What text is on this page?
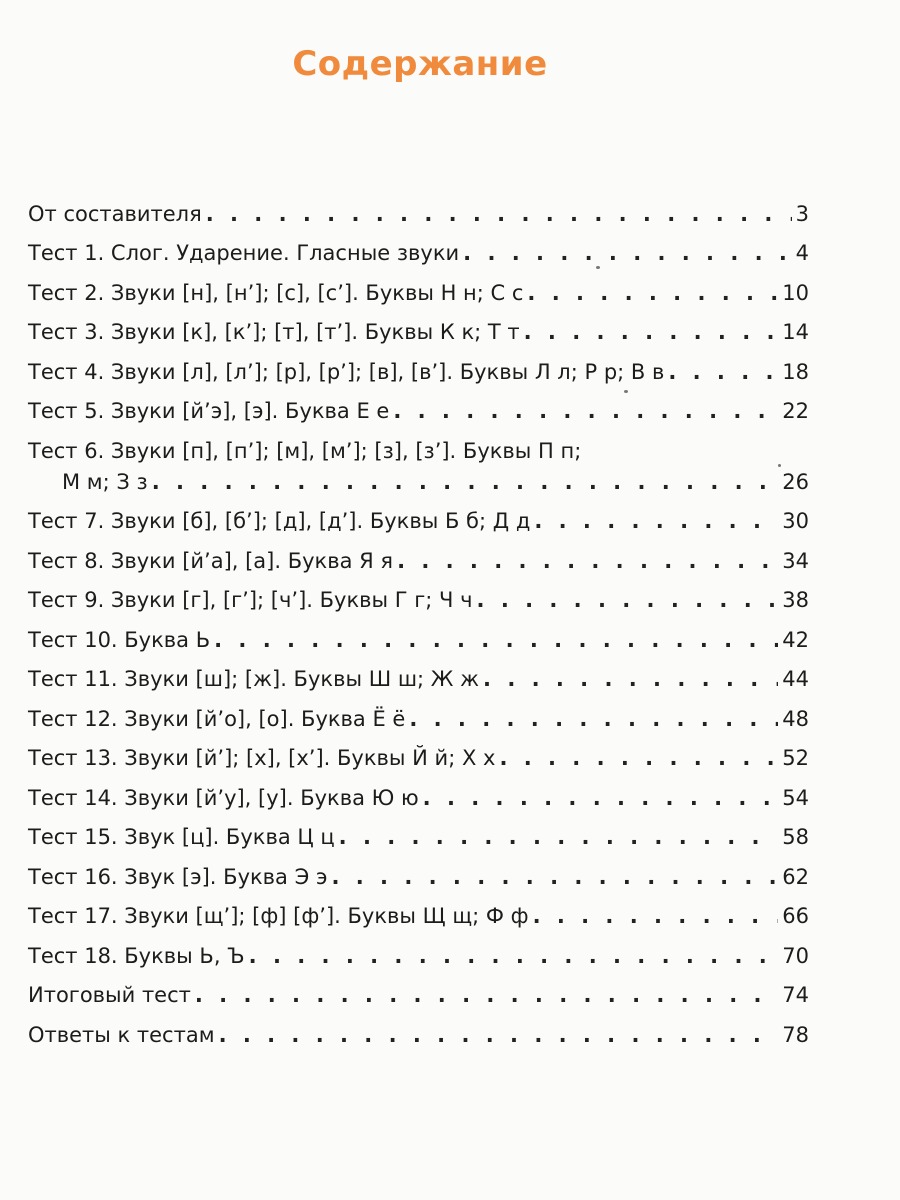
Содержание
От составителя . . .	3
Тест 1. Слог. Ударение. Гласные звуки . . .	4
Тест 2. Звуки [н], [н’]; [с], [с’]. Буквы Н н; С с . . .	10
Тест 3. Звуки [к], [к’]; [т], [т’]. Буквы К к; Т т . . .	14
Тест 4. Звуки [л], [л’]; [р], [р’]; [в], [в’]. Буквы Л л; Р р; В в . . .	18
Тест 5. Звуки [й’э], [э]. Буква Е е . . .	22
Тест 6. Звуки [п], [п’]; [м], [м’]; [з], [з’]. Буквы П п;
М м; З з . . .	26
Тест 7. Звуки [б], [б’]; [д], [д’]. Буквы Б б; Д д . . .	30
Тест 8. Звуки [й’а], [а]. Буква Я я . . .	34
Тест 9. Звуки [г], [г’]; [ч’]. Буквы Г г; Ч ч . . .	38
Тест 10. Буква Ь . . .	42
Тест 11. Звуки [ш]; [ж]. Буквы Ш ш; Ж ж . . .	44
Тест 12. Звуки [й’о], [о]. Буква Ё ё . . .	48
Тест 13. Звуки [й’]; [х], [х’]. Буквы Й й; Х х . . .	52
Тест 14. Звуки [й’у], [у]. Буква Ю ю . . .	54
Тест 15. Звук [ц]. Буква Ц ц . . .	58
Тест 16. Звук [э]. Буква Э э . . .	62
Тест 17. Звуки [щ’]; [ф] [ф’]. Буквы Щ щ; Ф ф . . .	66
Тест 18. Буквы Ь, Ъ . . .	70
Итоговый тест . . .	74
Ответы к тестам . . .	78
